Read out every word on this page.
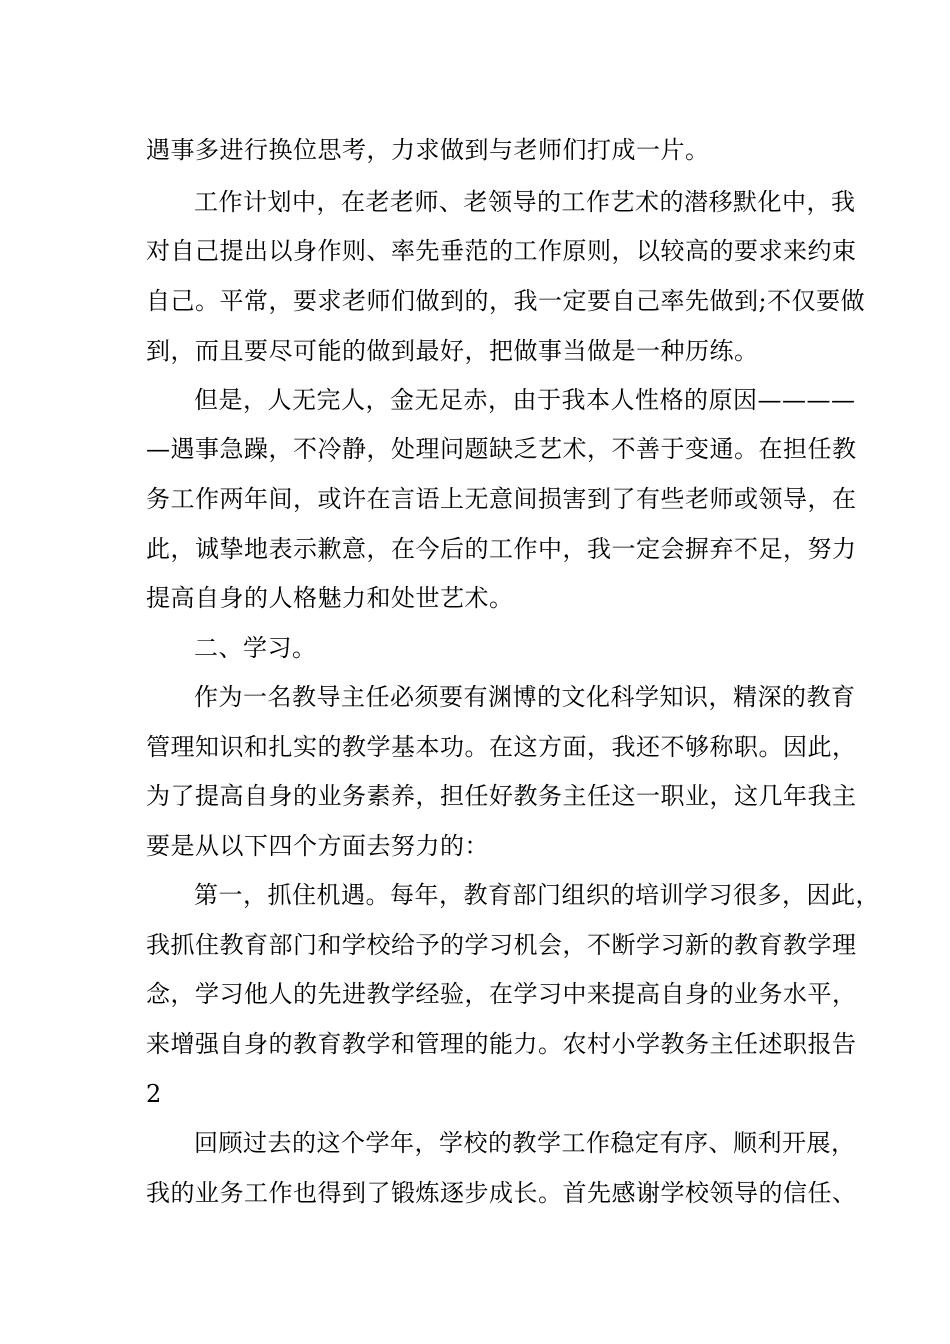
遇事多进行换位思考，力求做到与老师们打成一片。
工作计划中，在老老师、老领导的工作艺术的潜移默化中，我
对自己提出以身作则、率先垂范的工作原则，以较高的要求来约束
自己。平常，要求老师们做到的，我一定要自己率先做到;不仅要做
到，而且要尽可能的做到最好，把做事当做是一种历练。
但是，人无完人，金无足赤，由于我本人性格的原因————
—遇事急躁，不冷静，处理问题缺乏艺术，不善于变通。在担任教
务工作两年间，或许在言语上无意间损害到了有些老师或领导，在
此，诚挚地表示歉意，在今后的工作中，我一定会摒弃不足，努力
提高自身的人格魅力和处世艺术。
二、学习。
作为一名教导主任必须要有渊博的文化科学知识，精深的教育
管理知识和扎实的教学基本功。在这方面，我还不够称职。因此，
为了提高自身的业务素养，担任好教务主任这一职业，这几年我主
要是从以下四个方面去努力的：
第一，抓住机遇。每年，教育部门组织的培训学习很多，因此，
我抓住教育部门和学校给予的学习机会，不断学习新的教育教学理
念，学习他人的先进教学经验，在学习中来提高自身的业务水平，
来增强自身的教育教学和管理的能力。农村小学教务主任述职报告
2
回顾过去的这个学年，学校的教学工作稳定有序、顺利开展，
我的业务工作也得到了锻炼逐步成长。首先感谢学校领导的信任、
